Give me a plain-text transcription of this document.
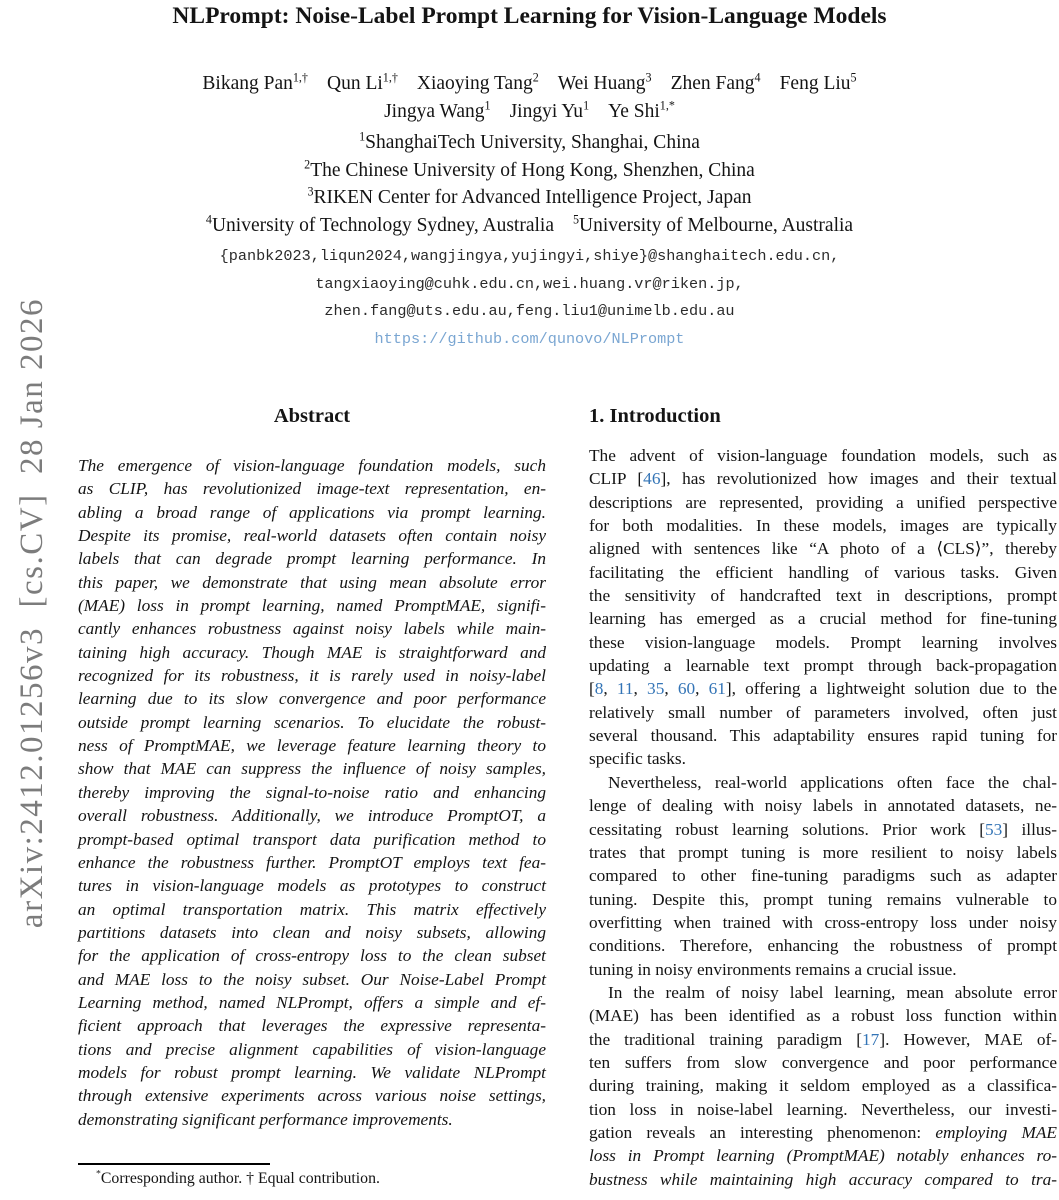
arXiv:2412.01256v3  [cs.CV]  28 Jan 2026
NLPrompt: Noise-Label Prompt Learning for Vision-Language Models
Bikang Pan$^{1,\dagger}$ Qun $Li^{1,\dagger}$ Xiaoying Tang$^2$ Wei Huang$^3$ Zhen Fang$^4$ Feng Liu$^5$
Jingya Wang$^1$ Jingyi Yu$^1$ Ye Shi$^{1,*}$
$^1$ShanghaiTech University, Shanghai, China
$^2$The Chinese University of Hong Kong, Shenzhen, China
$^3$RIKEN Center for Advanced Intelligence Project, Japan
$^4$University of Technology Sydney, Australia $^5$University of Melbourne, Australia
{panbk2023,liqun2024,wangjingya,yujingyi,shiye}@shanghaitech.edu.cn,
tangxiaoying@cuhk.edu.cn,wei.huang.vr@riken.jp,
zhen.fang@uts.edu.au,feng.liu1@unimelb.edu.au
https://github.com/qunovo/NLPrompt
Abstract
The emergence of vision-language foundation models, such
as CLIP, has revolutionized image-text representation, en-
abling a broad range of applications via prompt learning.
Despite its promise, real-world datasets often contain noisy
labels that can degrade prompt learning performance. In
this paper, we demonstrate that using mean absolute error
(MAE) loss in prompt learning, named PromptMAE, signifi-
cantly enhances robustness against noisy labels while main-
taining high accuracy. Though MAE is straightforward and
recognized for its robustness, it is rarely used in noisy-label
learning due to its slow convergence and poor performance
outside prompt learning scenarios. To elucidate the robust-
ness of PromptMAE, we leverage feature learning theory to
show that MAE can suppress the influence of noisy samples,
thereby improving the signal-to-noise ratio and enhancing
overall robustness. Additionally, we introduce PromptOT, a
prompt-based optimal transport data purification method to
enhance the robustness further. PromptOT employs text fea-
tures in vision-language models as prototypes to construct
an optimal transportation matrix. This matrix effectively
partitions datasets into clean and noisy subsets, allowing
for the application of cross-entropy loss to the clean subset
and MAE loss to the noisy subset. Our Noise-Label Prompt
Learning method, named NLPrompt, offers a simple and ef-
ficient approach that leverages the expressive representa-
tions and precise alignment capabilities of vision-language
models for robust prompt learning. We validate NLPrompt
through extensive experiments across various noise settings,
demonstrating significant performance improvements.
1. Introduction
The advent of vision-language foundation models, such as
CLIP [46], has revolutionized how images and their textual
descriptions are represented, providing a unified perspective
for both modalities. In these models, images are typically
aligned with sentences like “A photo of a ⟨CLS⟩”, thereby
facilitating the efficient handling of various tasks. Given
the sensitivity of handcrafted text in descriptions, prompt
learning has emerged as a crucial method for fine-tuning
these vision-language models. Prompt learning involves
updating a learnable text prompt through back-propagation
[8, 11, 35, 60, 61], offering a lightweight solution due to the
relatively small number of parameters involved, often just
several thousand. This adaptability ensures rapid tuning for
specific tasks.
Nevertheless, real-world applications often face the chal-
lenge of dealing with noisy labels in annotated datasets, ne-
cessitating robust learning solutions. Prior work [53] illus-
trates that prompt tuning is more resilient to noisy labels
compared to other fine-tuning paradigms such as adapter
tuning. Despite this, prompt tuning remains vulnerable to
overfitting when trained with cross-entropy loss under noisy
conditions. Therefore, enhancing the robustness of prompt
tuning in noisy environments remains a crucial issue.
In the realm of noisy label learning, mean absolute error
(MAE) has been identified as a robust loss function within
the traditional training paradigm [17]. However, MAE of-
ten suffers from slow convergence and poor performance
during training, making it seldom employed as a classifica-
tion loss in noise-label learning. Nevertheless, our investi-
gation reveals an interesting phenomenon: employing MAE
loss in Prompt learning (PromptMAE) notably enhances ro-
bustness while maintaining high accuracy compared to tra-
*Corresponding author. † Equal contribution.
